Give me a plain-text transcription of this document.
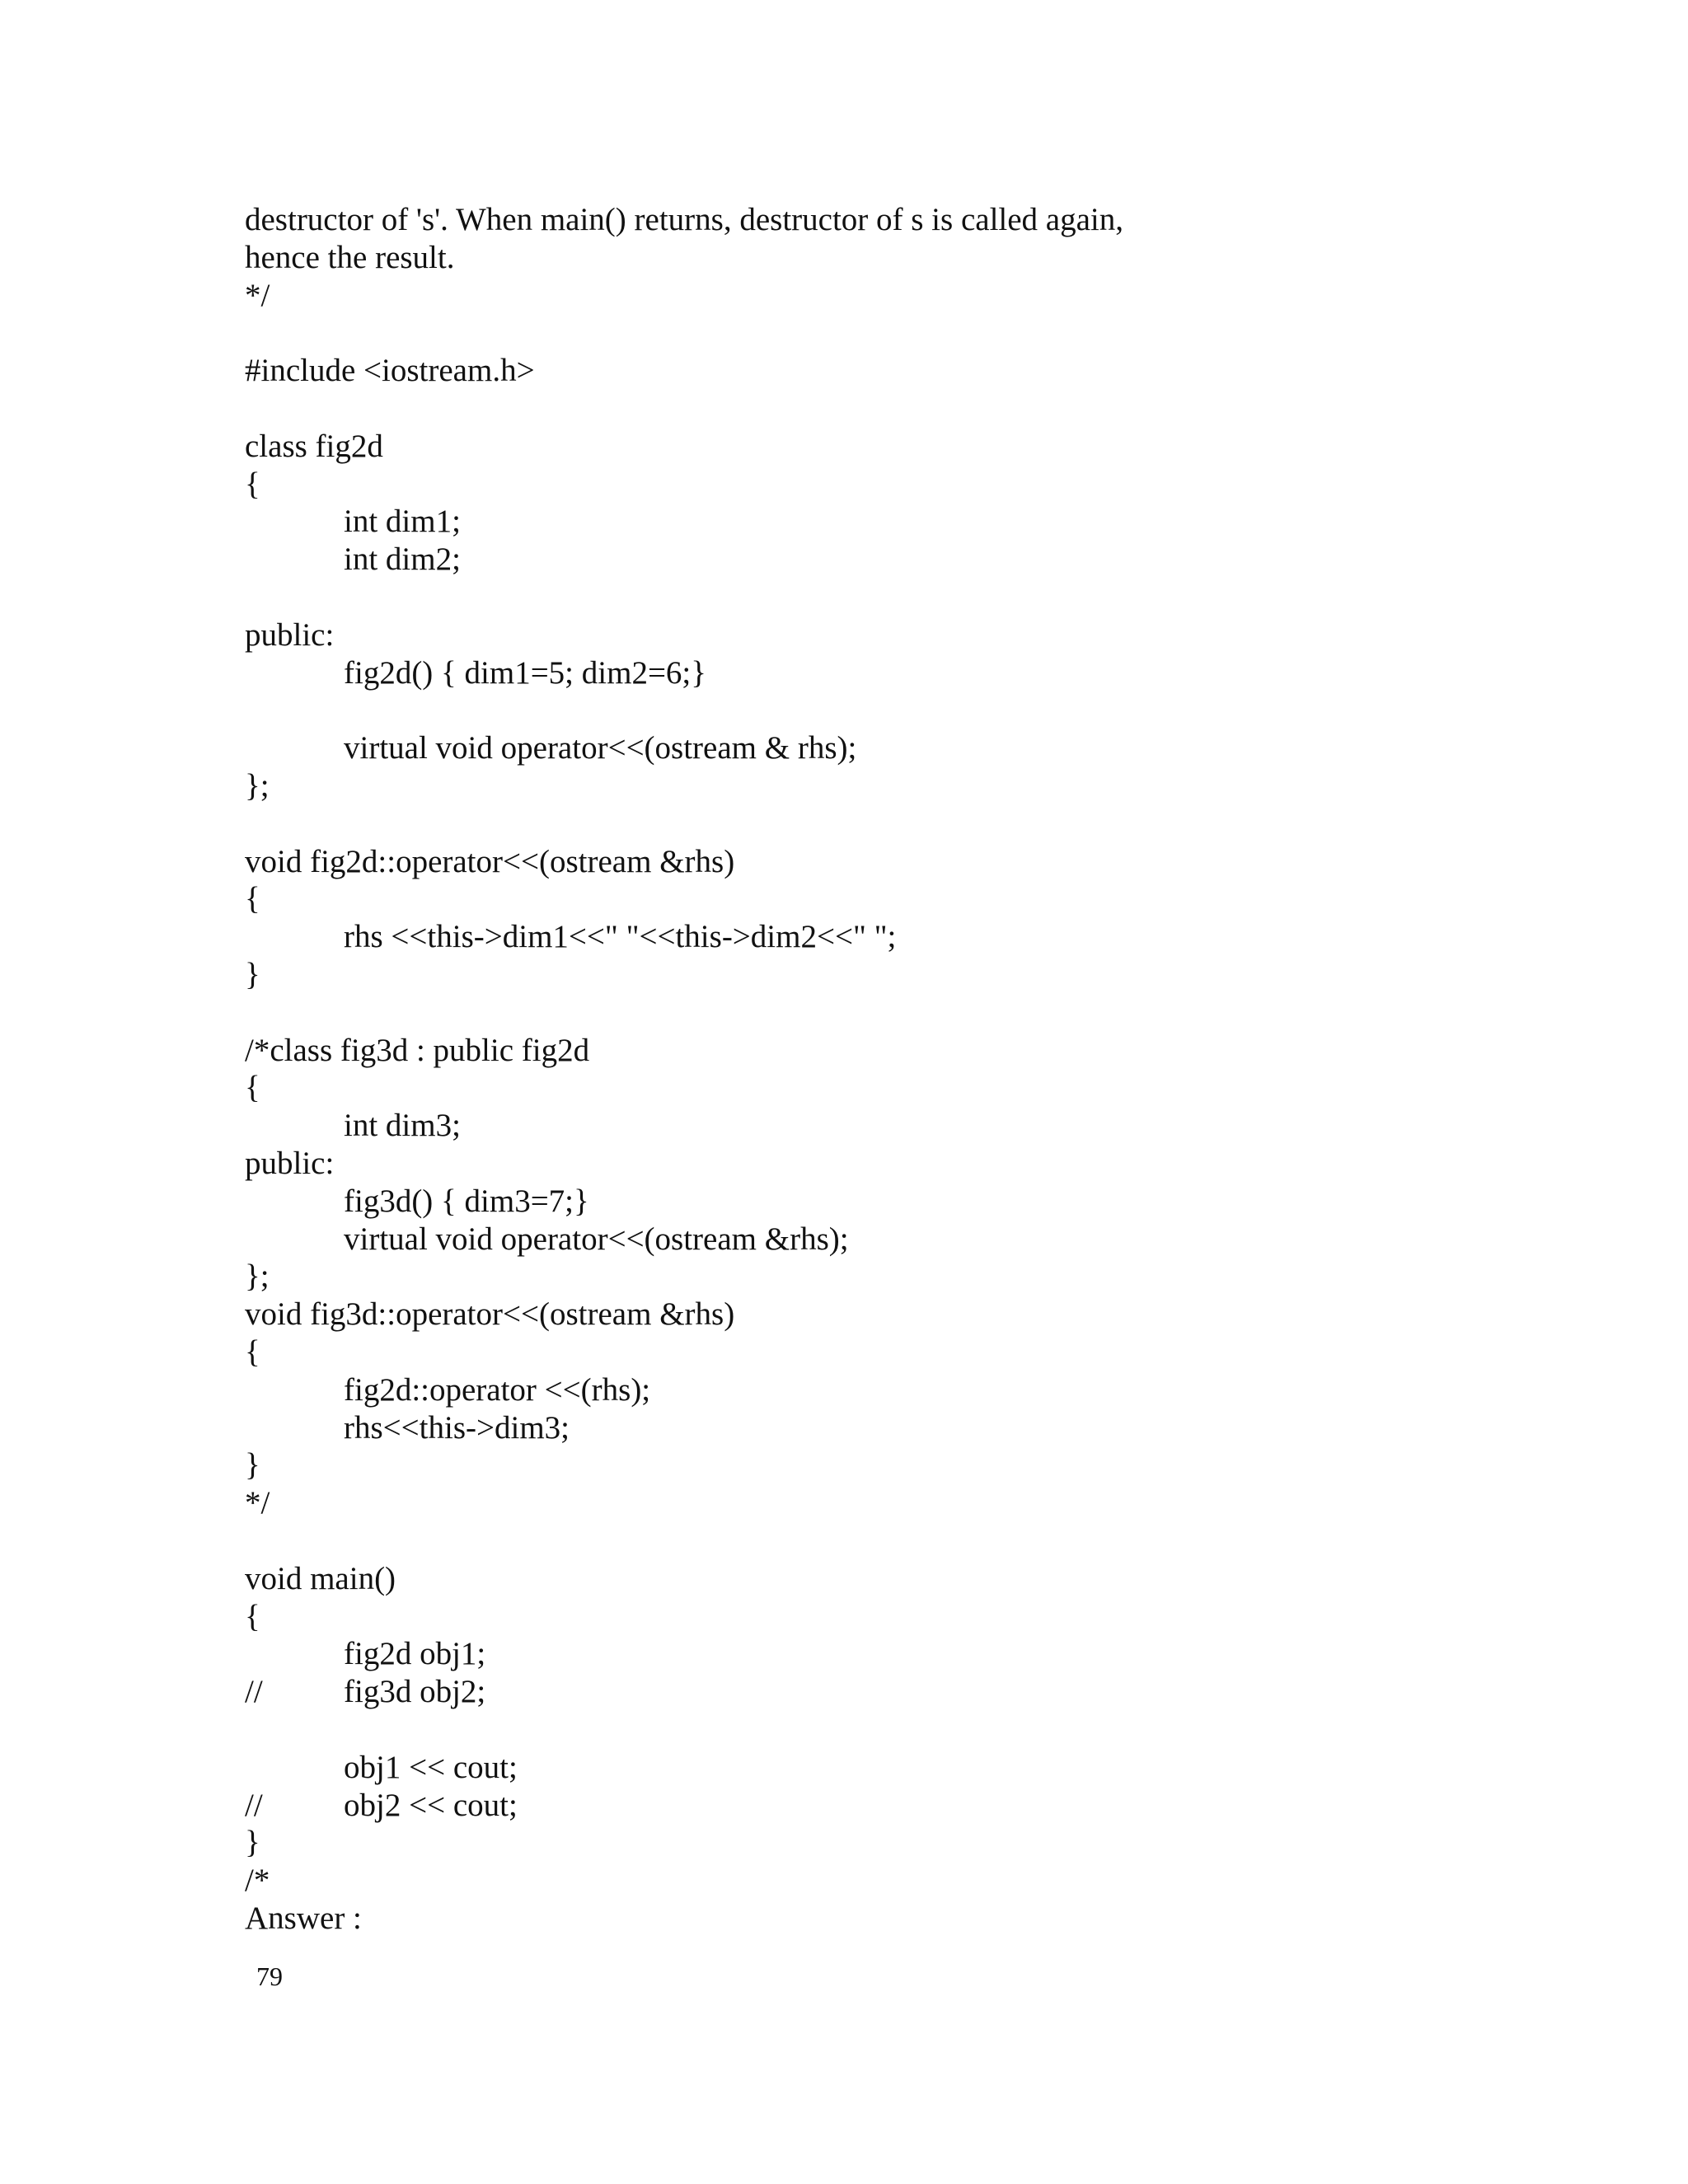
destructor of 's'. When main() returns, destructor of s is called again,
hence the result.
*/
#include <iostream.h>
class fig2d
{
int dim1;
int dim2;
public:
fig2d() { dim1=5; dim2=6;}
virtual void operator<<(ostream & rhs);
};
void fig2d::operator<<(ostream &rhs)
{
rhs <<this->dim1<<" "<<this->dim2<<" ";
}
/*class fig3d : public fig2d
{
int dim3;
public:
fig3d() { dim3=7;}
virtual void operator<<(ostream &rhs);
};
void fig3d::operator<<(ostream &rhs)
{
fig2d::operator <<(rhs);
rhs<<this->dim3;
}
*/
void main()
{
fig2d obj1;
//	fig3d obj2;
obj1 << cout;
//	obj2 << cout;
}
/*
Answer :
79
